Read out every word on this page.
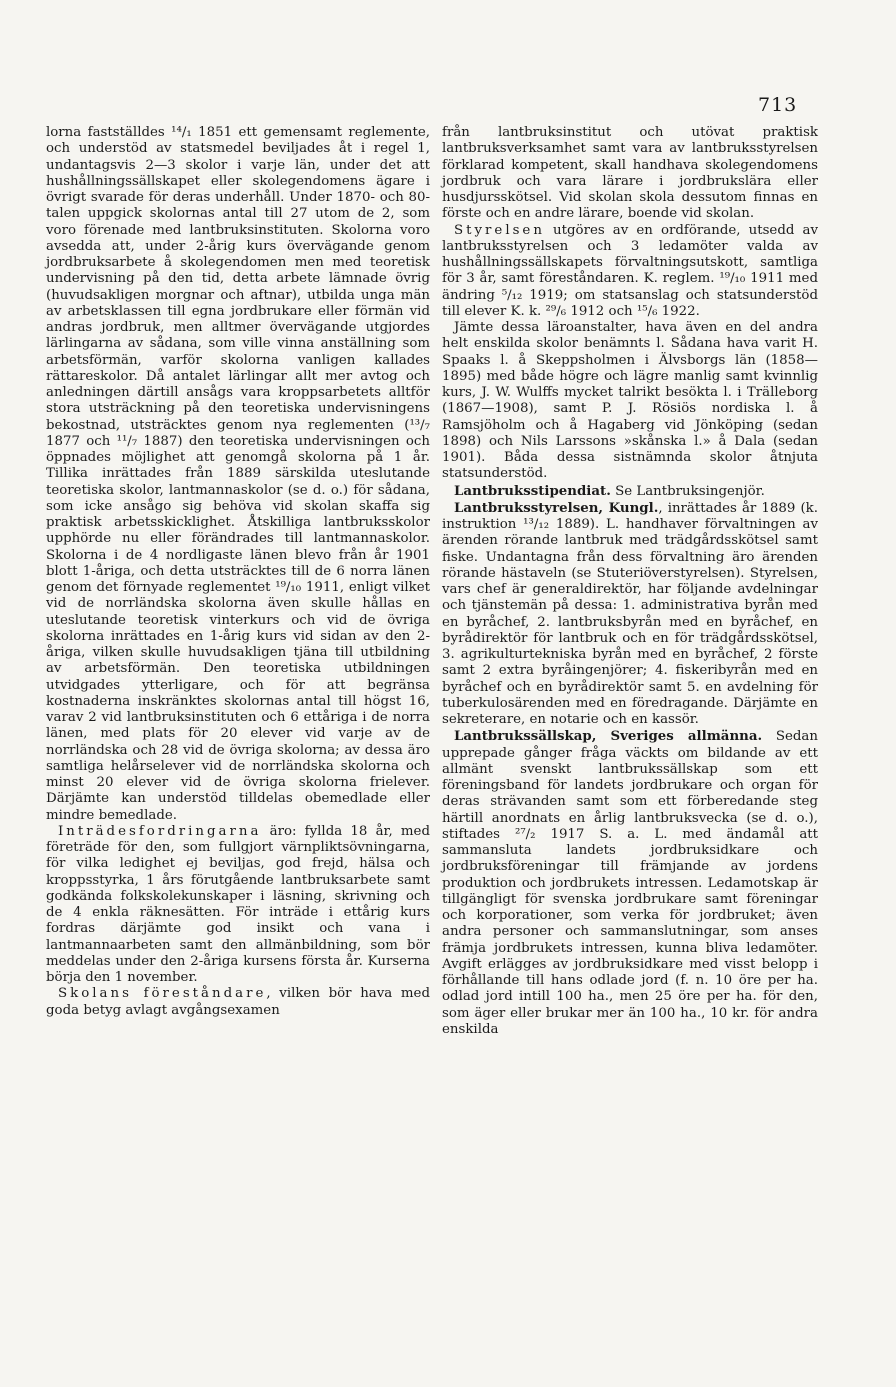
713

lorna fastställdes ¹⁴/₁ 1851 ett gemensamt reglemente, och understöd av statsmedel beviljades åt i regel 1, undantagsvis 2—3 skolor i varje län, under det att hushållningssällskapet eller skolegendomens ägare i övrigt svarade för deras underhåll. Under 1870- och 80-talen uppgick skolornas antal till 27 utom de 2, som voro förenade med lantbruksinstituten. Skolorna voro avsedda att, under 2-årig kurs övervägande genom jordbruksarbete å skolegendomen men med teoretisk undervisning på den tid, detta arbete lämnade övrig (huvudsakligen morgnar och aftnar), utbilda unga män av arbetsklassen till egna jordbrukare eller förmän vid andras jordbruk, men alltmer övervägande utgjordes lärlingarna av sådana, som ville vinna anställning som arbetsförmän, varför skolorna vanligen kallades rättareskolor. Då antalet lärlingar allt mer avtog och anledningen därtill ansågs vara kroppsarbetets alltför stora utsträckning på den teoretiska undervisningens bekostnad, utsträcktes genom nya reglementen (¹³/₇ 1877 och ¹¹/₇ 1887) den teoretiska undervisningen och öppnades möjlighet att genomgå skolorna på 1 år. Tillika inrättades från 1889 särskilda uteslutande teoretiska skolor, lantmannaskolor (se d. o.) för sådana, som icke ansågo sig behöva vid skolan skaffa sig praktisk arbetsskicklighet. Åtskilliga lantbruksskolor upphörde nu eller förändrades till lantmannaskolor. Skolorna i de 4 nordligaste länen blevo från år 1901 blott 1-åriga, och detta utsträcktes till de 6 norra länen genom det förnyade reglementet ¹⁹/₁₀ 1911, enligt vilket vid de norrländska skolorna även skulle hållas en uteslutande teoretisk vinterkurs och vid de övriga skolorna inrättades en 1-årig kurs vid sidan av den 2-åriga, vilken skulle huvudsakligen tjäna till utbildning av arbetsförmän. Den teoretiska utbildningen utvidgades ytterligare, och för att begränsa kostnaderna inskränktes skolornas antal till högst 16, varav 2 vid lantbruksinstituten och 6 ettåriga i de norra länen, med plats för 20 elever vid varje av de norrländska och 28 vid de övriga skolorna; av dessa äro samtliga helårselever vid de norrländska skolorna och minst 20 elever vid de övriga skolorna frielever. Därjämte kan understöd tilldelas obemedlade eller mindre bemedlade.

Inträdesfordringarna äro: fyllda 18 år, med företräde för den, som fullgjort värnpliktsövningarna, för vilka ledighet ej beviljas, god frejd, hälsa och kroppsstyrka, 1 års förutgående lantbruksarbete samt godkända folkskolekunskaper i läsning, skrivning och de 4 enkla räknesätten. För inträde i ettårig kurs fordras därjämte god insikt och vana i lantmannaarbeten samt den allmänbildning, som bör meddelas under den 2-åriga kursens första år. Kurserna börja den 1 november.

Skolans föreståndare, vilken bör hava med goda betyg avlagt avgångsexamen

från lantbruksinstitut och utövat praktisk lantbruksverksamhet samt vara av lantbruksstyrelsen förklarad kompetent, skall handhava skolegendomens jordbruk och vara lärare i jordbrukslära eller husdjursskötsel. Vid skolan skola dessutom finnas en förste och en andre lärare, boende vid skolan.

Styrelsen utgöres av en ordförande, utsedd av lantbruksstyrelsen och 3 ledamöter valda av hushållningssällskapets förvaltningsutskott, samtliga för 3 år, samt föreståndaren. K. reglem. ¹⁹/₁₀ 1911 med ändring ⁵/₁₂ 1919; om statsanslag och statsunderstöd till elever K. k. ²⁹/₆ 1912 och ¹⁵/₆ 1922.

Jämte dessa läroanstalter, hava även en del andra helt enskilda skolor benämnts l. Sådana hava varit H. Spaaks l. å Skeppsholmen i Älvsborgs län (1858—1895) med både högre och lägre manlig samt kvinnlig kurs, J. W. Wulffs mycket talrikt besökta l. i Trälleborg (1867—1908), samt P. J. Rösiös nordiska l. å Ramsjöholm och å Hagaberg vid Jönköping (sedan 1898) och Nils Larssons »skånska l.» å Dala (sedan 1901). Båda dessa sistnämnda skolor åtnjuta statsunderstöd.

Lantbruksstipendiat. Se Lantbruksingenjör.

Lantbruksstyrelsen, Kungl., inrättades år 1889 (k. instruktion ¹³/₁₂ 1889). L. handhaver förvaltningen av ärenden rörande lantbruk med trädgårdsskötsel samt fiske. Undantagna från dess förvaltning äro ärenden rörande hästaveln (se Stuteriöverstyrelsen). Styrelsen, vars chef är generaldirektör, har följande avdelningar och tjänstemän på dessa: 1. administrativa byrån med en byråchef, 2. lantbruksbyrån med en byråchef, en byrådirektör för lantbruk och en för trädgårdsskötsel, 3. agrikulturtekniska byrån med en byråchef, 2 förste samt 2 extra byråingenjörer; 4. fiskeribyrån med en byråchef och en byrådirektör samt 5. en avdelning för tuberkulosärenden med en föredragande. Därjämte en sekreterare, en notarie och en kassör.

Lantbrukssällskap, Sveriges allmänna. Sedan upprepade gånger fråga väckts om bildande av ett allmänt svenskt lantbrukssällskap som ett föreningsband för landets jordbrukare och organ för deras strävanden samt som ett förberedande steg härtill anordnats en årlig lantbruksvecka (se d. o.), stiftades ²⁷/₂ 1917 S. a. L. med ändamål att sammansluta landets jordbruksidkare och jordbruksföreningar till främjande av jordens produktion och jordbrukets intressen. Ledamotskap är tillgängligt för svenska jordbrukare samt föreningar och korporationer, som verka för jordbruket; även andra personer och sammanslutningar, som anses främja jordbrukets intressen, kunna bliva ledamöter. Avgift erlägges av jordbruksidkare med visst belopp i förhållande till hans odlade jord (f. n. 10 öre per ha. odlad jord intill 100 ha., men 25 öre per ha. för den, som äger eller brukar mer än 100 ha., 10 kr. för andra enskilda
